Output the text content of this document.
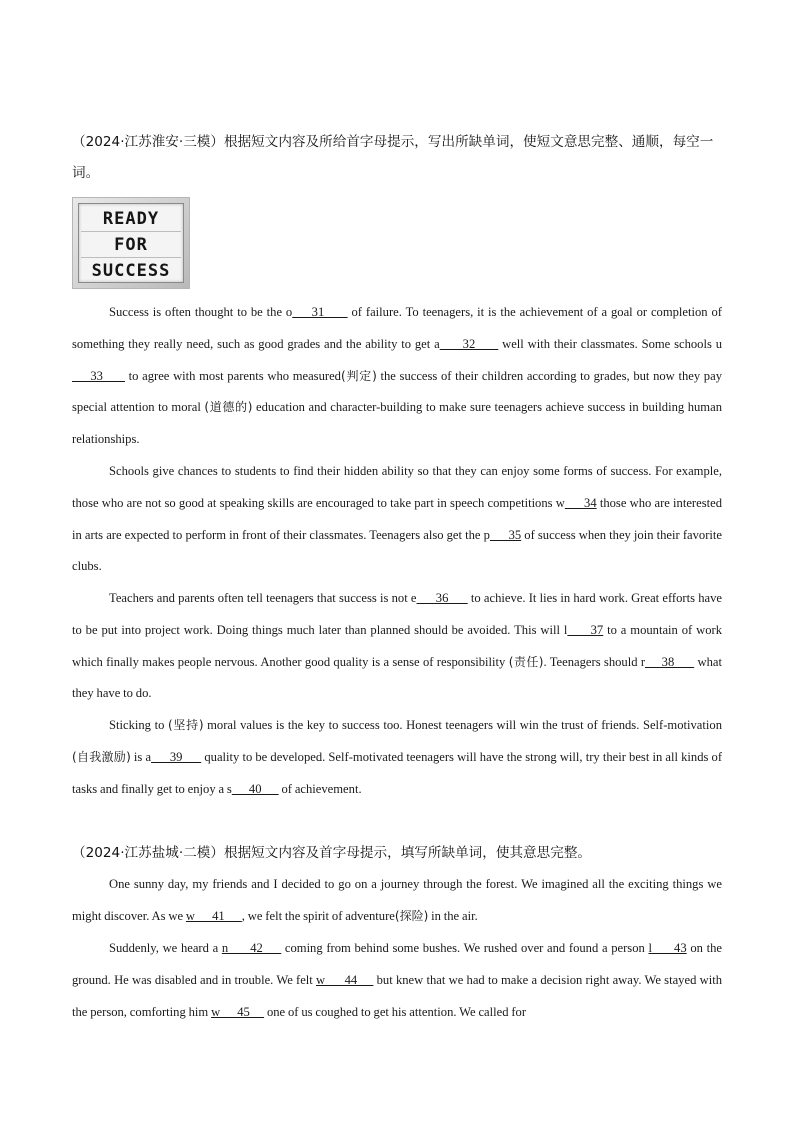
（2024·江苏淮安·三模）根据短文内容及所给首字母提示，写出所缺单词，使短文意思完整、通顺，每空一词。
READY
FOR
SUCCESS

Success is often thought to be the o     31       of failure. To teenagers, it is the achievement of a goal or completion of something they really need, such as good grades and the ability to get a      32       well with their classmates. Some schools u     33       to agree with most parents who measured(判定) the success of their children according to grades, but now they pay special attention to moral (道德的) education and character-building to make sure teenagers achieve success in building human relationships.

Schools give chances to students to find their hidden ability so that they can enjoy some forms of success. For example, those who are not so good at speaking skills are encouraged to take part in speech competitions w      34 those who are interested in arts are expected to perform in front of their classmates. Teenagers also get the p      35 of success when they join their favorite clubs.

Teachers and parents often tell teenagers that success is not e      36       to achieve. It lies in hard work. Great efforts have to be put into project work. Doing things much later than planned should be avoided. This will l      37 to a mountain of work which finally makes people nervous. Another good quality is a sense of responsibility (责任). Teenagers should r     38       what they have to do.

Sticking to (坚持) moral values is the key to success too. Honest teenagers will win the trust of friends. Self-motivation (自我激励) is a      39       quality to be developed. Self-motivated teenagers will have the strong will, try their best in all kinds of tasks and finally get to enjoy a s      40       of achievement.

（2024·江苏盐城·二模）根据短文内容及首字母提示，填写所缺单词，使其意思完整。

One sunny day, my friends and I decided to go on a journey through the forest. We imagined all the exciting things we might discover. As we w      41      , we felt the spirit of adventure(探险) in the air.

Suddenly, we heard a n      42      coming from behind some bushes. We rushed over and found a person l      43 on the ground. He was disabled and in trouble. We felt w      44      but knew that we had to make a decision right away. We stayed with the person, comforting him w      45      one of us coughed to get his attention. We called for
